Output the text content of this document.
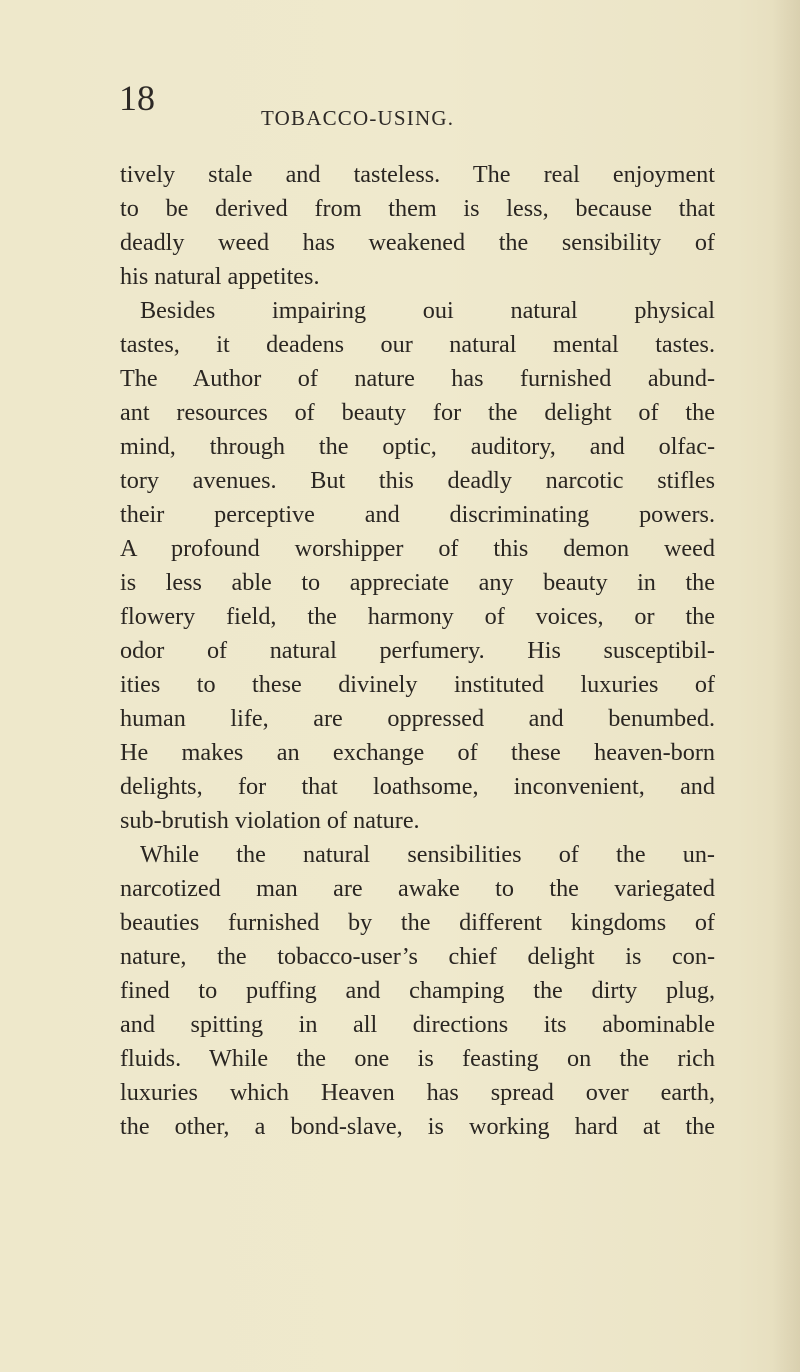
18	TOBACCO-USING.
tively stale and tasteless. The real enjoyment
to be derived from them is less, because that
deadly weed has weakened the sensibility of
his natural appetites.
Besides impairing oui natural physical
tastes, it deadens our natural mental tastes.
The Author of nature has furnished abund-
ant resources of beauty for the delight of the
mind, through the optic, auditory, and olfac-
tory avenues. But this deadly narcotic stifles
their perceptive and discriminating powers.
A profound worshipper of this demon weed
is less able to appreciate any beauty in the
flowery field, the harmony of voices, or the
odor of natural perfumery. His susceptibil-
ities to these divinely instituted luxuries of
human life, are oppressed and benumbed.
He makes an exchange of these heaven-born
delights, for that loathsome, inconvenient, and
sub-brutish violation of nature.
While the natural sensibilities of the un-
narcotized man are awake to the variegated
beauties furnished by the different kingdoms of
nature, the tobacco-user’s chief delight is con-
fined to puffing and champing the dirty plug,
and spitting in all directions its abominable
fluids. While the one is feasting on the rich
luxuries which Heaven has spread over earth,
the other, a bond-slave, is working hard at the
